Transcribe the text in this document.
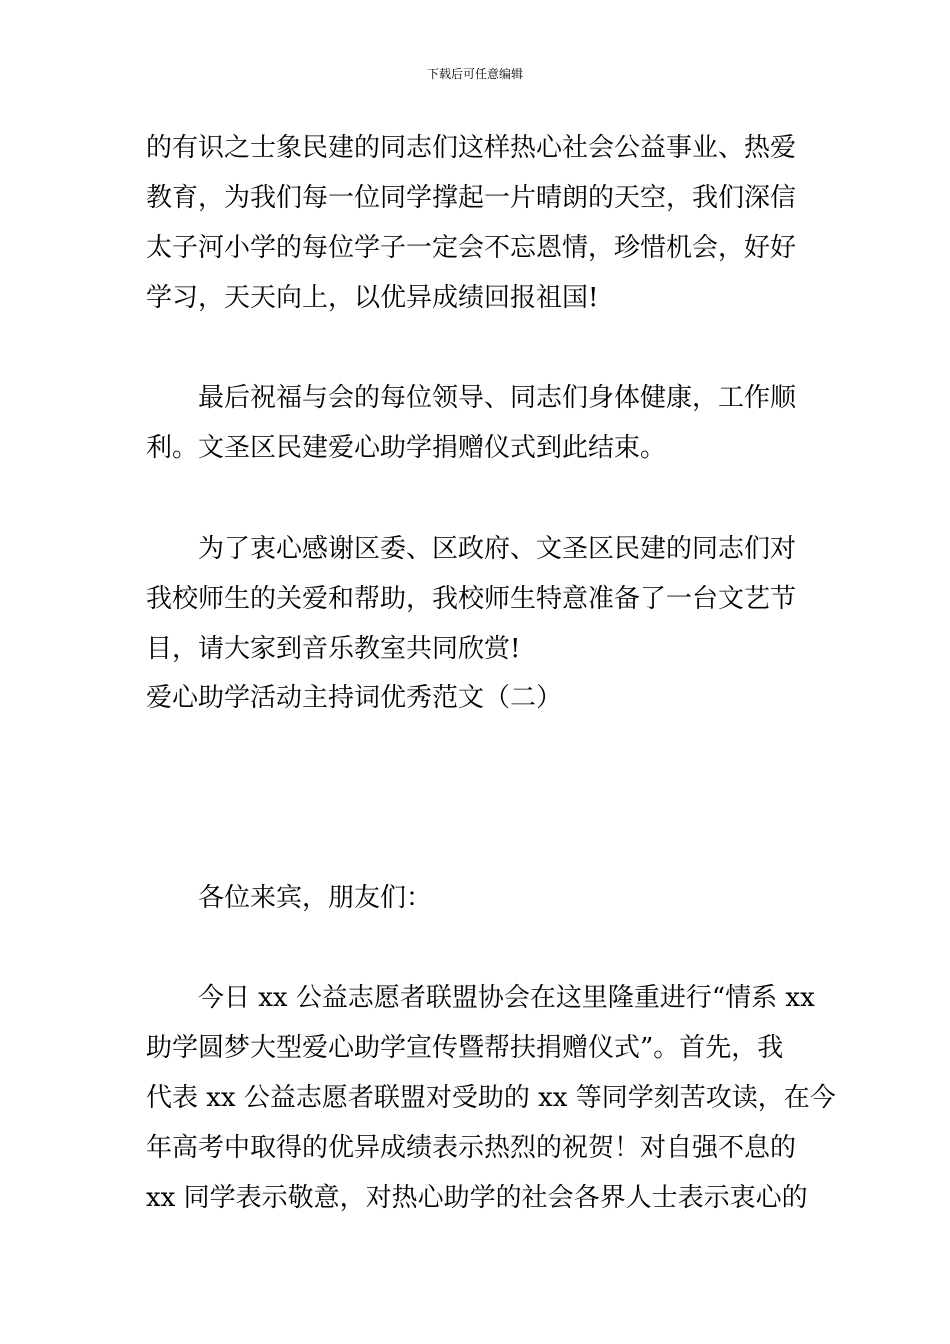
下载后可任意编辑
的有识之士象民建的同志们这样热心社会公益事业、热爱
教育，为我们每一位同学撑起一片晴朗的天空，我们深信
太子河小学的每位学子一定会不忘恩情，珍惜机会，好好
学习，天天向上，以优异成绩回报祖国!
最后祝福与会的每位领导、同志们身体健康，工作顺
利。文圣区民建爱心助学捐赠仪式到此结束。
为了衷心感谢区委、区政府、文圣区民建的同志们对
我校师生的关爱和帮助，我校师生特意准备了一台文艺节
目，请大家到音乐教室共同欣赏!
爱心助学活动主持词优秀范文（二）
各位来宾，朋友们：
今日 xx 公益志愿者联盟协会在这里隆重进行“情系 xx
助学圆梦大型爱心助学宣传暨帮扶捐赠仪式”。首先，我
代表 xx 公益志愿者联盟对受助的 xx 等同学刻苦攻读，在今
年高考中取得的优异成绩表示热烈的祝贺！对自强不息的
xx 同学表示敬意，对热心助学的社会各界人士表示衷心的
